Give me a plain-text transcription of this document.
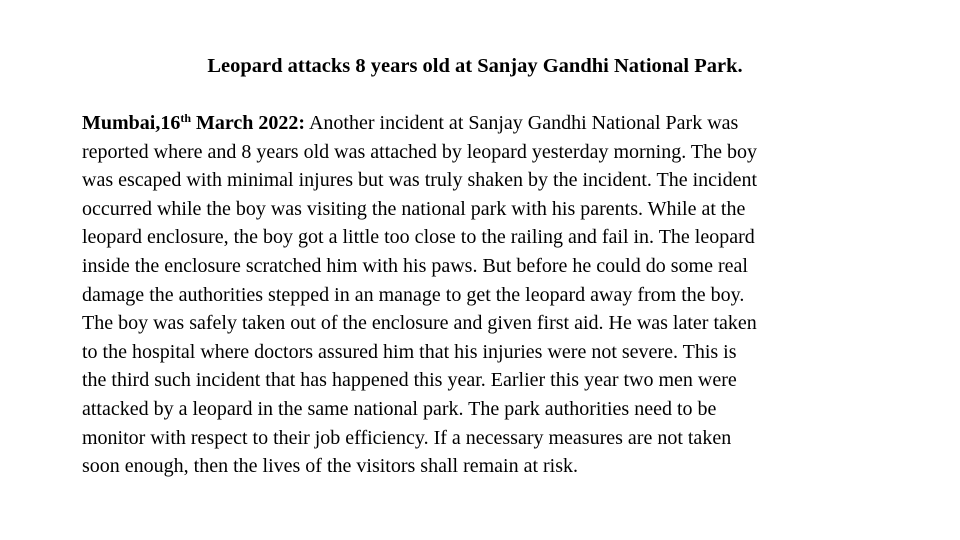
Leopard attacks 8 years old at Sanjay Gandhi National Park.
Mumbai,16th March 2022: Another incident at Sanjay Gandhi National Park was
reported where and 8 years old was attached by leopard yesterday morning. The boy
was escaped with minimal injures but was truly shaken by the incident. The incident
occurred while the boy was visiting the national park with his parents. While at the
leopard enclosure, the boy got a little too close to the railing and fail in. The leopard
inside the enclosure scratched him with his paws. But before he could do some real
damage the authorities stepped in an manage to get the leopard away from the boy.
The boy was safely taken out of the enclosure and given first aid. He was later taken
to the hospital where doctors assured him that his injuries were not severe. This is
the third such incident that has happened this year. Earlier this year two men were
attacked by a leopard in the same national park. The park authorities need to be
monitor with respect to their job efficiency. If a necessary measures are not taken
soon enough, then the lives of the visitors shall remain at risk.
